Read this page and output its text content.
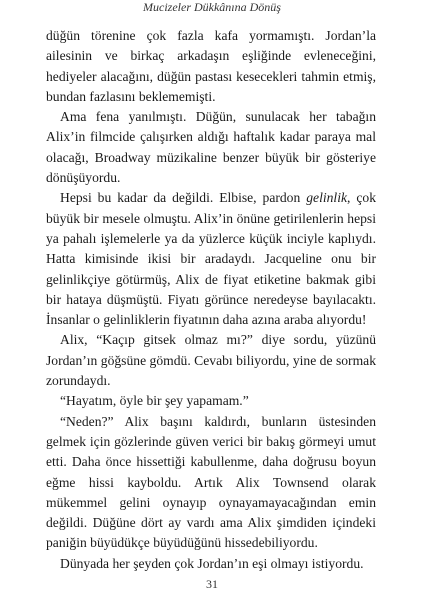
Mucizeler Dükkânına Dönüş

düğün törenine çok fazla kafa yormamıştı. Jordan’la ailesinin ve birkaç arkadaşın eşliğinde evleneceğini, hediyeler alacağını, düğün pastası kesecekleri tahmin etmiş, bundan fazlasını beklememişti.

Ama fena yanılmıştı. Düğün, sunulacak her tabağın Alix’in filmcide çalışırken aldığı haftalık kadar paraya mal olacağı, Broadway müzikaline benzer büyük bir gösteriye dönüşüyordu.

Hepsi bu kadar da değildi. Elbise, pardon gelinlik, çok büyük bir mesele olmuştu. Alix’in önüne getirilenlerin hepsi ya pahalı işlemelerle ya da yüzlerce küçük inciyle kaplıydı. Hatta kimisinde ikisi bir aradaydı. Jacqueline onu bir gelinlikçiye götürmüş, Alix de fiyat etiketine bakmak gibi bir hataya düşmüştü. Fiyatı görünce neredeyse bayılacaktı. İnsanlar o gelinliklerin fiyatının daha azına araba alıyordu!

Alix, “Kaçıp gitsek olmaz mı?” diye sordu, yüzünü Jordan’ın göğsüne gömdü. Cevabı biliyordu, yine de sormak zorundaydı.

“Hayatım, öyle bir şey yapamam.”

“Neden?” Alix başını kaldırdı, bunların üstesinden gelmek için gözlerinde güven verici bir bakış görmeyi umut etti. Daha önce hissettiği kabullenme, daha doğrusu boyun eğme hissi kayboldu. Artık Alix Townsend olarak mükemmel gelini oynayıp oynayamayacağından emin değildi. Düğüne dört ay vardı ama Alix şimdiden içindeki paniğin büyüdükçe büyüdüğünü hissedebiliyordu.

Dünyada her şeyden çok Jordan’ın eşi olmayı istiyordu.

31
